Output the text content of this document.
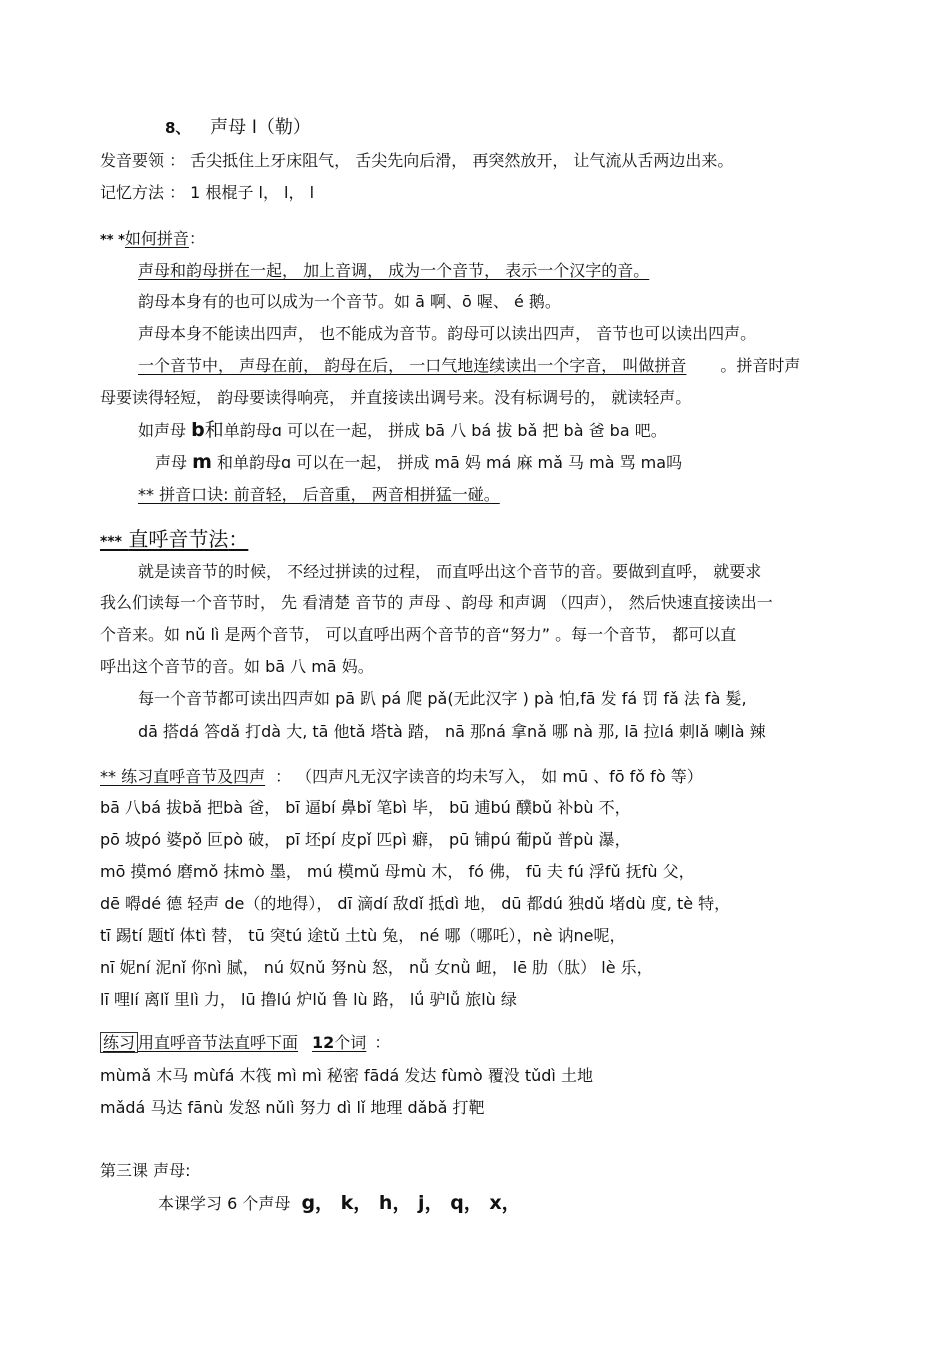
8、 声母 l（勒）
发音要领 ： 舌尖抵住上牙床阻气， 舌尖先向后滑， 再突然放开， 让气流从舌两边出来。
记忆方法 ： 1 根棍子 l， l， l
** *如何拼音：
声母和韵母拼在一起， 加上音调， 成为一个音节， 表示一个汉字的音。
韵母本身有的也可以成为一个音节。如 ā 啊、ō 喔、 é 鹅。
声母本身不能读出四声， 也不能成为音节。韵母可以读出四声， 音节也可以读出四声。
一个音节中， 声母在前， 韵母在后， 一口气地连续读出一个字音， 叫做拼音 。拼音时声
母要读得轻短， 韵母要读得响亮， 并直接读出调号来。没有标调号的， 就读轻声。
如声母 b和单韵母ɑ 可以在一起， 拼成 bā 八 bá 拔 bǎ 把 bà 爸 ba 吧。
声母 m 和单韵母ɑ 可以在一起， 拼成 mā 妈 má 麻 mǎ 马 mà 骂 ma吗
** 拼音口诀: 前音轻， 后音重， 两音相拼猛一碰。
*** 直呼音节法：
就是读音节的时候， 不经过拼读的过程， 而直呼出这个音节的音。要做到直呼， 就要求
我么们读每一个音节时， 先 看清楚 音节的 声母 、韵母 和声调 （四声）， 然后快速直接读出一
个音来。如 nǔ lì 是两个音节， 可以直呼出两个音节的音“努力” 。每一个音节， 都可以直
呼出这个音节的音。如 bā 八 mā 妈。
每一个音节都可读出四声如 pā 趴 pá 爬 pǎ(无此汉字 ) pà 怕,fā 发 fá 罚 fǎ 法 fà 髮,
dā 搭dá 答dǎ 打dà 大, tā 他tǎ 塔tà 踏， nā 那ná 拿nǎ 哪 nà 那, lā 拉lá 刺lǎ 喇là 辣
** 练习直呼音节及四声 ： （四声凡无汉字读音的均未写入， 如 mū 、fō fǒ fò 等）
bā 八bá 拔bǎ 把bà 爸， bī 逼bí 鼻bǐ 笔bì 毕， bū 逋bú 醭bǔ 补bù 不，
pō 坡pó 婆pǒ 叵pò 破， pī 坯pí 皮pǐ 匹pì 癖， pū 铺pú 葡pǔ 普pù 瀑，
mō 摸mó 磨mǒ 抹mò 墨， mú 模mǔ 母mù 木， fó 佛， fū 夫 fú 浮fǔ 抚fù 父，
dē 嘚dé 德 轻声 de（的地得）， dī 滴dí 敌dǐ 抵dì 地， dū 都dú 独dǔ 堵dù 度, tè 特，
tī 踢tí 题tǐ 体tì 替， tū 突tú 途tǔ 土tù 兔， né 哪（哪吒），nè 讷ne呢，
nī 妮ní 泥nǐ 你nì 腻， nú 奴nǔ 努nù 怒， nǚ 女nǜ 衄， lē 肋（肽） lè 乐，
lī 哩lí 离lǐ 里lì 力， lū 撸lú 炉lǔ 鲁 lù 路， lǘ 驴lǚ 旅lù 绿
练习 用直呼音节法直呼下面 12个词 ：
mùmǎ 木马 mùfá 木筏 mì mì 秘密 fādá 发达 fùmò 覆没 tǔdì 土地
mǎdá 马达 fānù 发怒 nǔlì 努力 dì lǐ 地理 dǎbǎ 打靶
第三课 声母:
本课学习 6 个声母 g， k， h， j， q， x，
